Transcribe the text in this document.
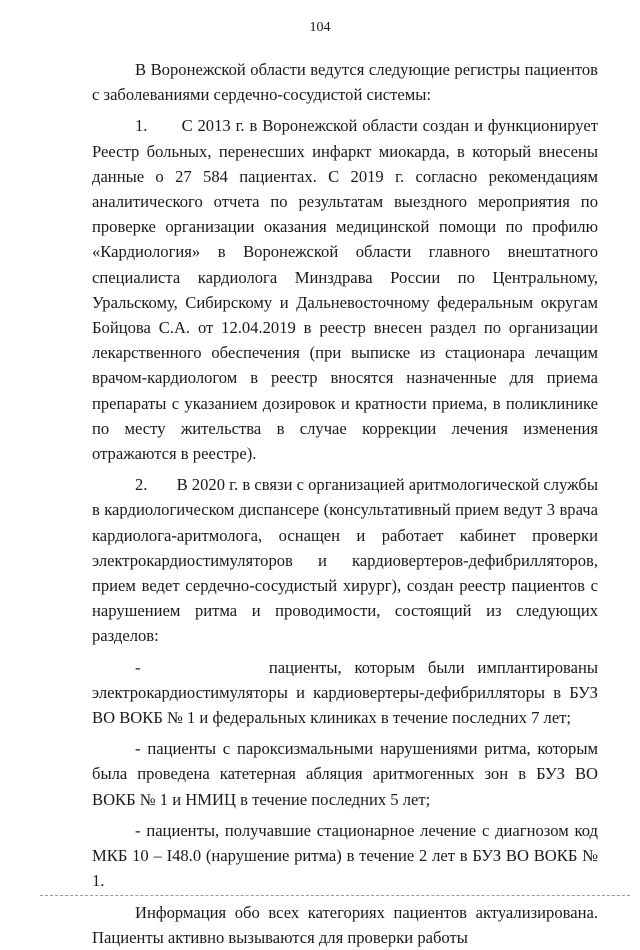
104

В Воронежской области ведутся следующие регистры пациентов с заболеваниями сердечно-сосудистой системы:

1.       С 2013 г. в Воронежской области создан и функционирует Реестр больных, перенесших инфаркт миокарда, в который внесены данные о 27 584 пациентах. С 2019 г. согласно рекомендациям аналитического отчета по результатам выездного мероприятия по проверке организации оказания медицинской помощи по профилю «Кардиология» в Воронежской области главного внештатного специалиста кардиолога Минздрава России по Центральному, Уральскому, Сибирскому и Дальневосточному федеральным округам Бойцова С.А. от 12.04.2019 в реестр внесен раздел по организации лекарственного обеспечения (при выписке из стационара лечащим врачом-кардиологом в реестр вносятся назначенные для приема препараты с указанием дозировок и кратности приема, в поликлинике по месту жительства в случае коррекции лечения изменения отражаются в реестре).

2.       В 2020 г. в связи с организацией аритмологической службы в кардиологическом диспансере (консультативный прием ведут 3 врача кардиолога-аритмолога, оснащен и работает кабинет проверки электрокардиостимуляторов и кардиовертеров-дефибрилляторов, прием ведет сердечно-сосудистый хирург), создан реестр пациентов с нарушением ритма и проводимости, состоящий из следующих разделов:

-          пациенты, которым были имплантированы электрокардиостимуляторы и кардиовертеры-дефибрилляторы в БУЗ ВО ВОКБ № 1 и федеральных клиниках в течение последних 7 лет;

- пациенты с пароксизмальными нарушениями ритма, которым была проведена катетерная абляция аритмогенных зон в БУЗ ВО ВОКБ № 1 и НМИЦ в течение последних 5 лет;

- пациенты, получавшие стационарное лечение с диагнозом код МКБ 10 – I48.0 (нарушение ритма) в течение 2 лет в БУЗ ВО ВОКБ № 1.

Информация обо всех категориях пациентов актуализирована. Пациенты активно вызываются для проверки работы
